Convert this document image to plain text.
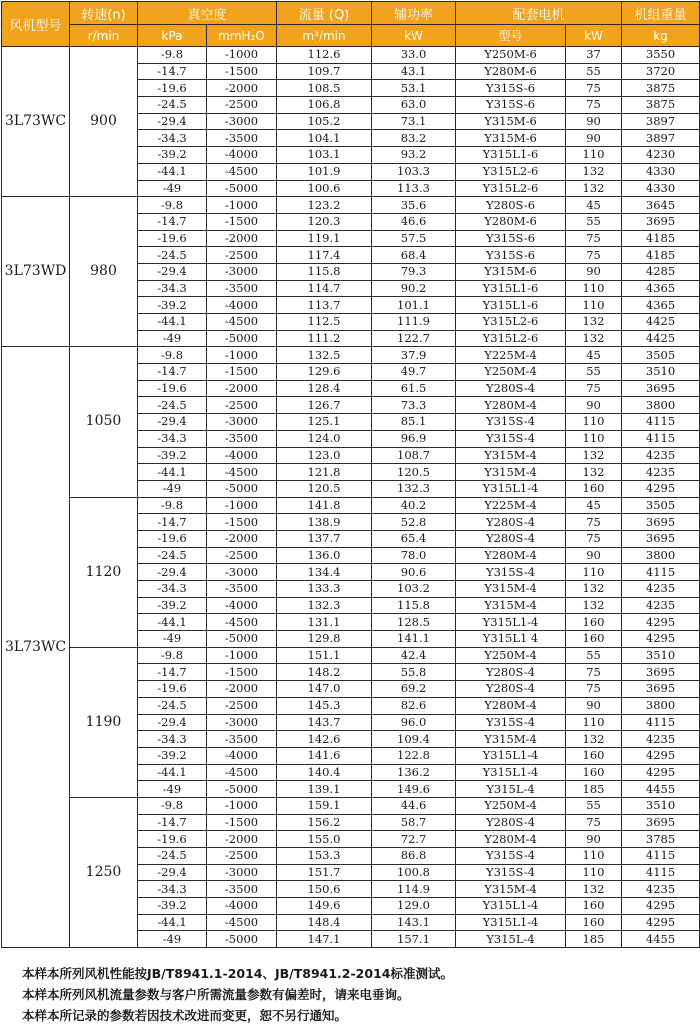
风机型号	转速(n)	真空度		流量 (Q)	辅功率	配套电机		机组重量
	r/min	kPa	mmH₂O	m³/min	kW	型号	kW	kg
3L73WC	900	-9.8	-1000	112.6	33.0	Y250M-6	37	3550
		-14.7	-1500	109.7	43.1	Y280M-6	55	3720
		-19.6	-2000	108.5	53.1	Y315S-6	75	3875
		-24.5	-2500	106.8	63.0	Y315S-6	75	3875
		-29.4	-3000	105.2	73.1	Y315M-6	90	3897
		-34.3	-3500	104.1	83.2	Y315M-6	90	3897
		-39.2	-4000	103.1	93.2	Y315L1-6	110	4230
		-44.1	-4500	101.9	103.3	Y315L2-6	132	4330
		-49	-5000	100.6	113.3	Y315L2-6	132	4330
3L73WD	980	-9.8	-1000	123.2	35.6	Y280S-6	45	3645
		-14.7	-1500	120.3	46.6	Y280M-6	55	3695
		-19.6	-2000	119.1	57.5	Y315S-6	75	4185
		-24.5	-2500	117.4	68.4	Y315S-6	75	4185
		-29.4	-3000	115.8	79.3	Y315M-6	90	4285
		-34.3	-3500	114.7	90.2	Y315L1-6	110	4365
		-39.2	-4000	113.7	101.1	Y315L1-6	110	4365
		-44.1	-4500	112.5	111.9	Y315L2-6	132	4425
		-49	-5000	111.2	122.7	Y315L2-6	132	4425
3L73WC	1050	-9.8	-1000	132.5	37.9	Y225M-4	45	3505
		-14.7	-1500	129.6	49.7	Y250M-4	55	3510
		-19.6	-2000	128.4	61.5	Y280S-4	75	3695
		-24.5	-2500	126.7	73.3	Y280M-4	90	3800
		-29.4	-3000	125.1	85.1	Y315S-4	110	4115
		-34.3	-3500	124.0	96.9	Y315S-4	110	4115
		-39.2	-4000	123.0	108.7	Y315M-4	132	4235
		-44.1	-4500	121.8	120.5	Y315M-4	132	4235
		-49	-5000	120.5	132.3	Y315L1-4	160	4295
	1120	-9.8	-1000	141.8	40.2	Y225M-4	45	3505
		-14.7	-1500	138.9	52.8	Y280S-4	75	3695
		-19.6	-2000	137.7	65.4	Y280S-4	75	3695
		-24.5	-2500	136.0	78.0	Y280M-4	90	3800
		-29.4	-3000	134.4	90.6	Y315S-4	110	4115
		-34.3	-3500	133.3	103.2	Y315M-4	132	4235
		-39.2	-4000	132.3	115.8	Y315M-4	132	4235
		-44.1	-4500	131.1	128.5	Y315L1-4	160	4295
		-49	-5000	129.8	141.1	Y315L1 4	160	4295
	1190	-9.8	-1000	151.1	42.4	Y250M-4	55	3510
		-14.7	-1500	148.2	55.8	Y280S-4	75	3695
		-19.6	-2000	147.0	69.2	Y280S-4	75	3695
		-24.5	-2500	145.3	82.6	Y280M-4	90	3800
		-29.4	-3000	143.7	96.0	Y315S-4	110	4115
		-34.3	-3500	142.6	109.4	Y315M-4	132	4235
		-39.2	-4000	141.6	122.8	Y315L1-4	160	4295
		-44.1	-4500	140.4	136.2	Y315L1-4	160	4295
		-49	-5000	139.1	149.6	Y315L-4	185	4455
	1250	-9.8	-1000	159.1	44.6	Y250M-4	55	3510
		-14.7	-1500	156.2	58.7	Y280S-4	75	3695
		-19.6	-2000	155.0	72.7	Y280M-4	90	3785
		-24.5	-2500	153.3	86.8	Y315S-4	110	4115
		-29.4	-3000	151.7	100.8	Y315S-4	110	4115
		-34.3	-3500	150.6	114.9	Y315M-4	132	4235
		-39.2	-4000	149.6	129.0	Y315L1-4	160	4295
		-44.1	-4500	148.4	143.1	Y315L1-4	160	4295
		-49	-5000	147.1	157.1	Y315L-4	185	4455
本样本所列风机性能按JB/T8941.1-2014、JB/T8941.2-2014标准测试。
本样本所列风机流量参数与客户所需流量参数有偏差时，请来电垂询。
本样本所记录的参数若因技术改进而变更，恕不另行通知。
